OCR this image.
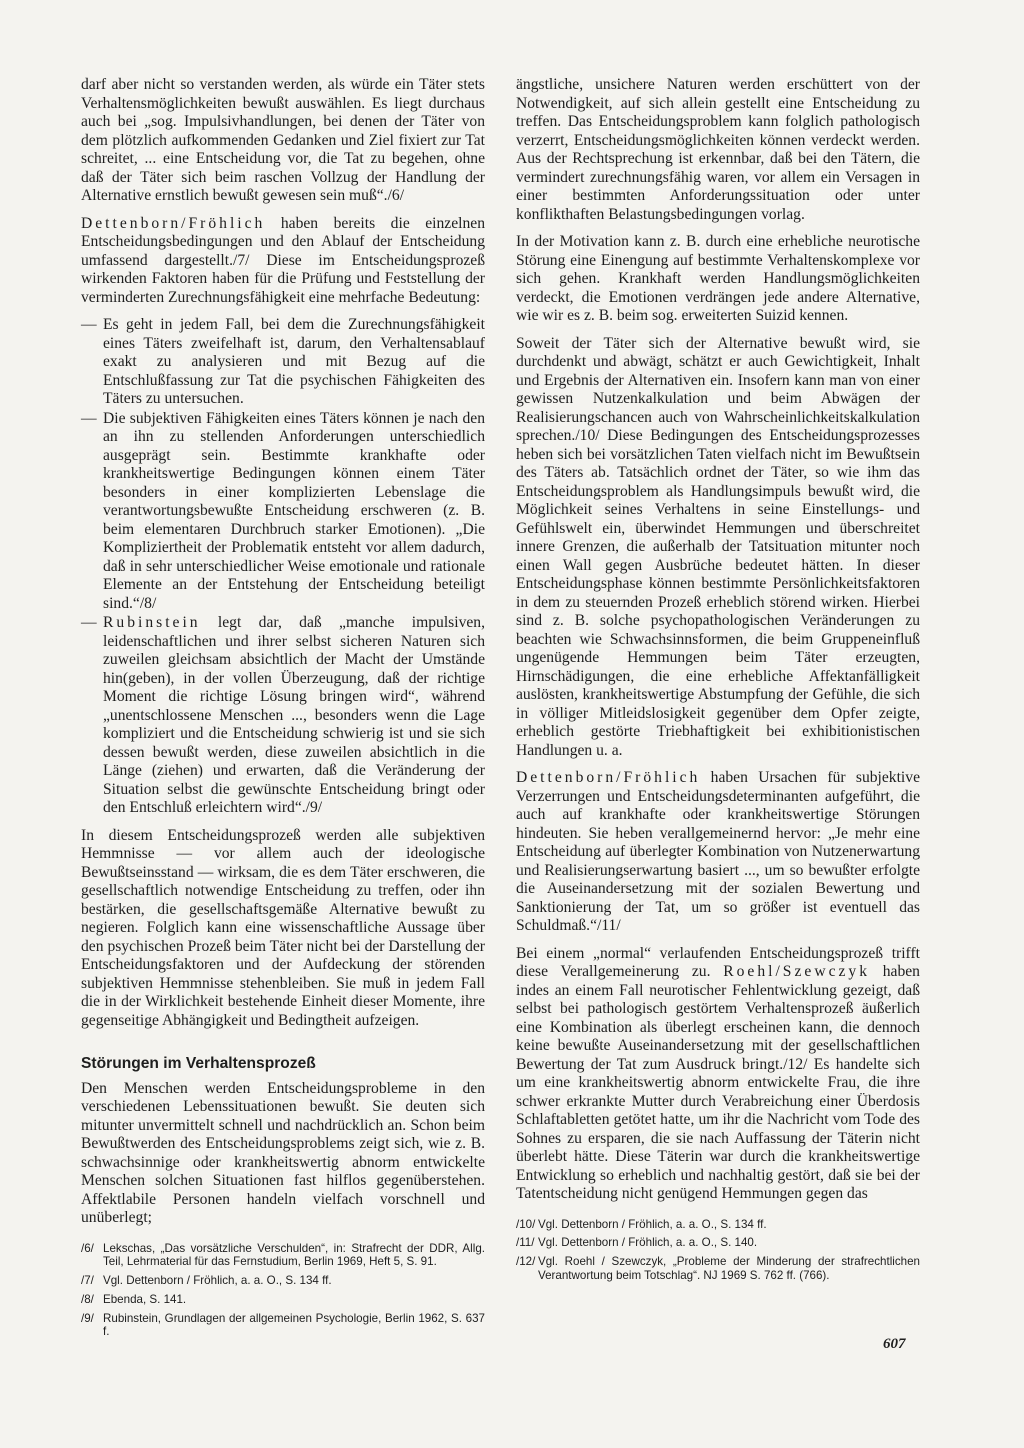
darf aber nicht so verstanden werden, als würde ein Täter stets Verhaltensmöglichkeiten bewußt auswählen. Es liegt durchaus auch bei „sog. Impulsivhandlungen, bei denen der Täter von dem plötzlich aufkommenden Gedanken und Ziel fixiert zur Tat schreitet, ... eine Entscheidung vor, die Tat zu begehen, ohne daß der Täter sich beim raschen Vollzug der Handlung der Alternative ernstlich bewußt gewesen sein muß“./6/

Dettenborn/Fröhlich haben bereits die einzelnen Entscheidungsbedingungen und den Ablauf der Entscheidung umfassend dargestellt./7/ Diese im Entscheidungsprozeß wirkenden Faktoren haben für die Prüfung und Feststellung der verminderten Zurechnungsfähigkeit eine mehrfache Bedeutung:

— Es geht in jedem Fall, bei dem die Zurechnungsfähigkeit eines Täters zweifelhaft ist, darum, den Verhaltensablauf exakt zu analysieren und mit Bezug auf die Entschlußfassung zur Tat die psychischen Fähigkeiten des Täters zu untersuchen.
— Die subjektiven Fähigkeiten eines Täters können je nach den an ihn zu stellenden Anforderungen unterschiedlich ausgeprägt sein. Bestimmte krankhafte oder krankheitswertige Bedingungen können einem Täter besonders in einer komplizierten Lebenslage die verantwortungsbewußte Entscheidung erschweren (z. B. beim elementaren Durchbruch starker Emotionen). „Die Kompliziertheit der Problematik entsteht vor allem dadurch, daß in sehr unterschiedlicher Weise emotionale und rationale Elemente an der Entstehung der Entscheidung beteiligt sind.“/8/
— Rubinstein legt dar, daß „manche impulsiven, leidenschaftlichen und ihrer selbst sicheren Naturen sich zuweilen gleichsam absichtlich der Macht der Umstände hin(geben), in der vollen Überzeugung, daß der richtige Moment die richtige Lösung bringen wird“, während „unentschlossene Menschen ..., besonders wenn die Lage kompliziert und die Entscheidung schwierig ist und sie sich dessen bewußt werden, diese zuweilen absichtlich in die Länge (ziehen) und erwarten, daß die Veränderung der Situation selbst die gewünschte Entscheidung bringt oder den Entschluß erleichtern wird“./9/

In diesem Entscheidungsprozeß werden alle subjektiven Hemmnisse — vor allem auch der ideologische Bewußtseinsstand — wirksam, die es dem Täter erschweren, die gesellschaftlich notwendige Entscheidung zu treffen, oder ihn bestärken, die gesellschaftsgemäße Alternative bewußt zu negieren. Folglich kann eine wissenschaftliche Aussage über den psychischen Prozeß beim Täter nicht bei der Darstellung der Entscheidungsfaktoren und der Aufdeckung der störenden subjektiven Hemmnisse stehenbleiben. Sie muß in jedem Fall die in der Wirklichkeit bestehende Einheit dieser Momente, ihre gegenseitige Abhängigkeit und Bedingtheit aufzeigen.

Störungen im Verhaltensprozeß

Den Menschen werden Entscheidungsprobleme in den verschiedenen Lebenssituationen bewußt. Sie deuten sich mitunter unvermittelt schnell und nachdrücklich an. Schon beim Bewußtwerden des Entscheidungsproblems zeigt sich, wie z. B. schwachsinnige oder krankheitswertig abnorm entwickelte Menschen solchen Situationen fast hilflos gegenüberstehen. Affektlabile Personen handeln vielfach vorschnell und unüberlegt;

/6/ Lekschas, „Das vorsätzliche Verschulden“, in: Strafrecht der DDR, Allg. Teil, Lehrmaterial für das Fernstudium, Berlin 1969, Heft 5, S. 91.
/7/ Vgl. Dettenborn / Fröhlich, a. a. O., S. 134 ff.
/8/ Ebenda, S. 141.
/9/ Rubinstein, Grundlagen der allgemeinen Psychologie, Berlin 1962, S. 637 f.

ängstliche, unsichere Naturen werden erschüttert von der Notwendigkeit, auf sich allein gestellt eine Entscheidung zu treffen. Das Entscheidungsproblem kann folglich pathologisch verzerrt, Entscheidungsmöglichkeiten können verdeckt werden. Aus der Rechtsprechung ist erkennbar, daß bei den Tätern, die vermindert zurechnungsfähig waren, vor allem ein Versagen in einer bestimmten Anforderungssituation oder unter konflikthaften Belastungsbedingungen vorlag.

In der Motivation kann z. B. durch eine erhebliche neurotische Störung eine Einengung auf bestimmte Verhaltenskomplexe vor sich gehen. Krankhaft werden Handlungsmöglichkeiten verdeckt, die Emotionen verdrängen jede andere Alternative, wie wir es z. B. beim sog. erweiterten Suizid kennen.

Soweit der Täter sich der Alternative bewußt wird, sie durchdenkt und abwägt, schätzt er auch Gewichtigkeit, Inhalt und Ergebnis der Alternativen ein. Insofern kann man von einer gewissen Nutzenkalkulation und beim Abwägen der Realisierungschancen auch von Wahrscheinlichkeitskalkulation sprechen./10/ Diese Bedingungen des Entscheidungsprozesses heben sich bei vorsätzlichen Taten vielfach nicht im Bewußtsein des Täters ab. Tatsächlich ordnet der Täter, so wie ihm das Entscheidungsproblem als Handlungsimpuls bewußt wird, die Möglichkeit seines Verhaltens in seine Einstellungs- und Gefühlswelt ein, überwindet Hemmungen und überschreitet innere Grenzen, die außerhalb der Tatsituation mitunter noch einen Wall gegen Ausbrüche bedeutet hätten. In dieser Entscheidungsphase können bestimmte Persönlichkeitsfaktoren in dem zu steuernden Prozeß erheblich störend wirken. Hierbei sind z. B. solche psychopathologischen Veränderungen zu beachten wie Schwachsinnsformen, die beim Gruppeneinfluß ungenügende Hemmungen beim Täter erzeugten, Hirnschädigungen, die eine erhebliche Affektanfälligkeit auslösten, krankheitswertige Abstumpfung der Gefühle, die sich in völliger Mitleidslosigkeit gegenüber dem Opfer zeigte, erheblich gestörte Triebhaftigkeit bei exhibitionistischen Handlungen u. a.

Dettenborn/Fröhlich haben Ursachen für subjektive Verzerrungen und Entscheidungsdeterminanten aufgeführt, die auch auf krankhafte oder krankheitswertige Störungen hindeuten. Sie heben verallgemeinernd hervor: „Je mehr eine Entscheidung auf überlegter Kombination von Nutzenerwartung und Realisierungserwartung basiert ..., um so bewußter erfolgte die Auseinandersetzung mit der sozialen Bewertung und Sanktionierung der Tat, um so größer ist eventuell das Schuldmaß.“/11/

Bei einem „normal“ verlaufenden Entscheidungsprozeß trifft diese Verallgemeinerung zu. Roehl/Szewczyk haben indes an einem Fall neurotischer Fehlentwicklung gezeigt, daß selbst bei pathologisch gestörtem Verhaltensprozeß äußerlich eine Kombination als überlegt erscheinen kann, die dennoch keine bewußte Auseinandersetzung mit der gesellschaftlichen Bewertung der Tat zum Ausdruck bringt./12/ Es handelte sich um eine krankheitswertig abnorm entwickelte Frau, die ihre schwer erkrankte Mutter durch Verabreichung einer Überdosis Schlaftabletten getötet hatte, um ihr die Nachricht vom Tode des Sohnes zu ersparen, die sie nach Auffassung der Täterin nicht überlebt hätte. Diese Täterin war durch die krankheitswertige Entwicklung so erheblich und nachhaltig gestört, daß sie bei der Tatentscheidung nicht genügend Hemmungen gegen das

/10/ Vgl. Dettenborn / Fröhlich, a. a. O., S. 134 ff.
/11/ Vgl. Dettenborn / Fröhlich, a. a. O., S. 140.
/12/ Vgl. Roehl / Szewczyk, „Probleme der Minderung der strafrechtlichen Verantwortung beim Totschlag“. NJ 1969 S. 762 ff. (766).
607
